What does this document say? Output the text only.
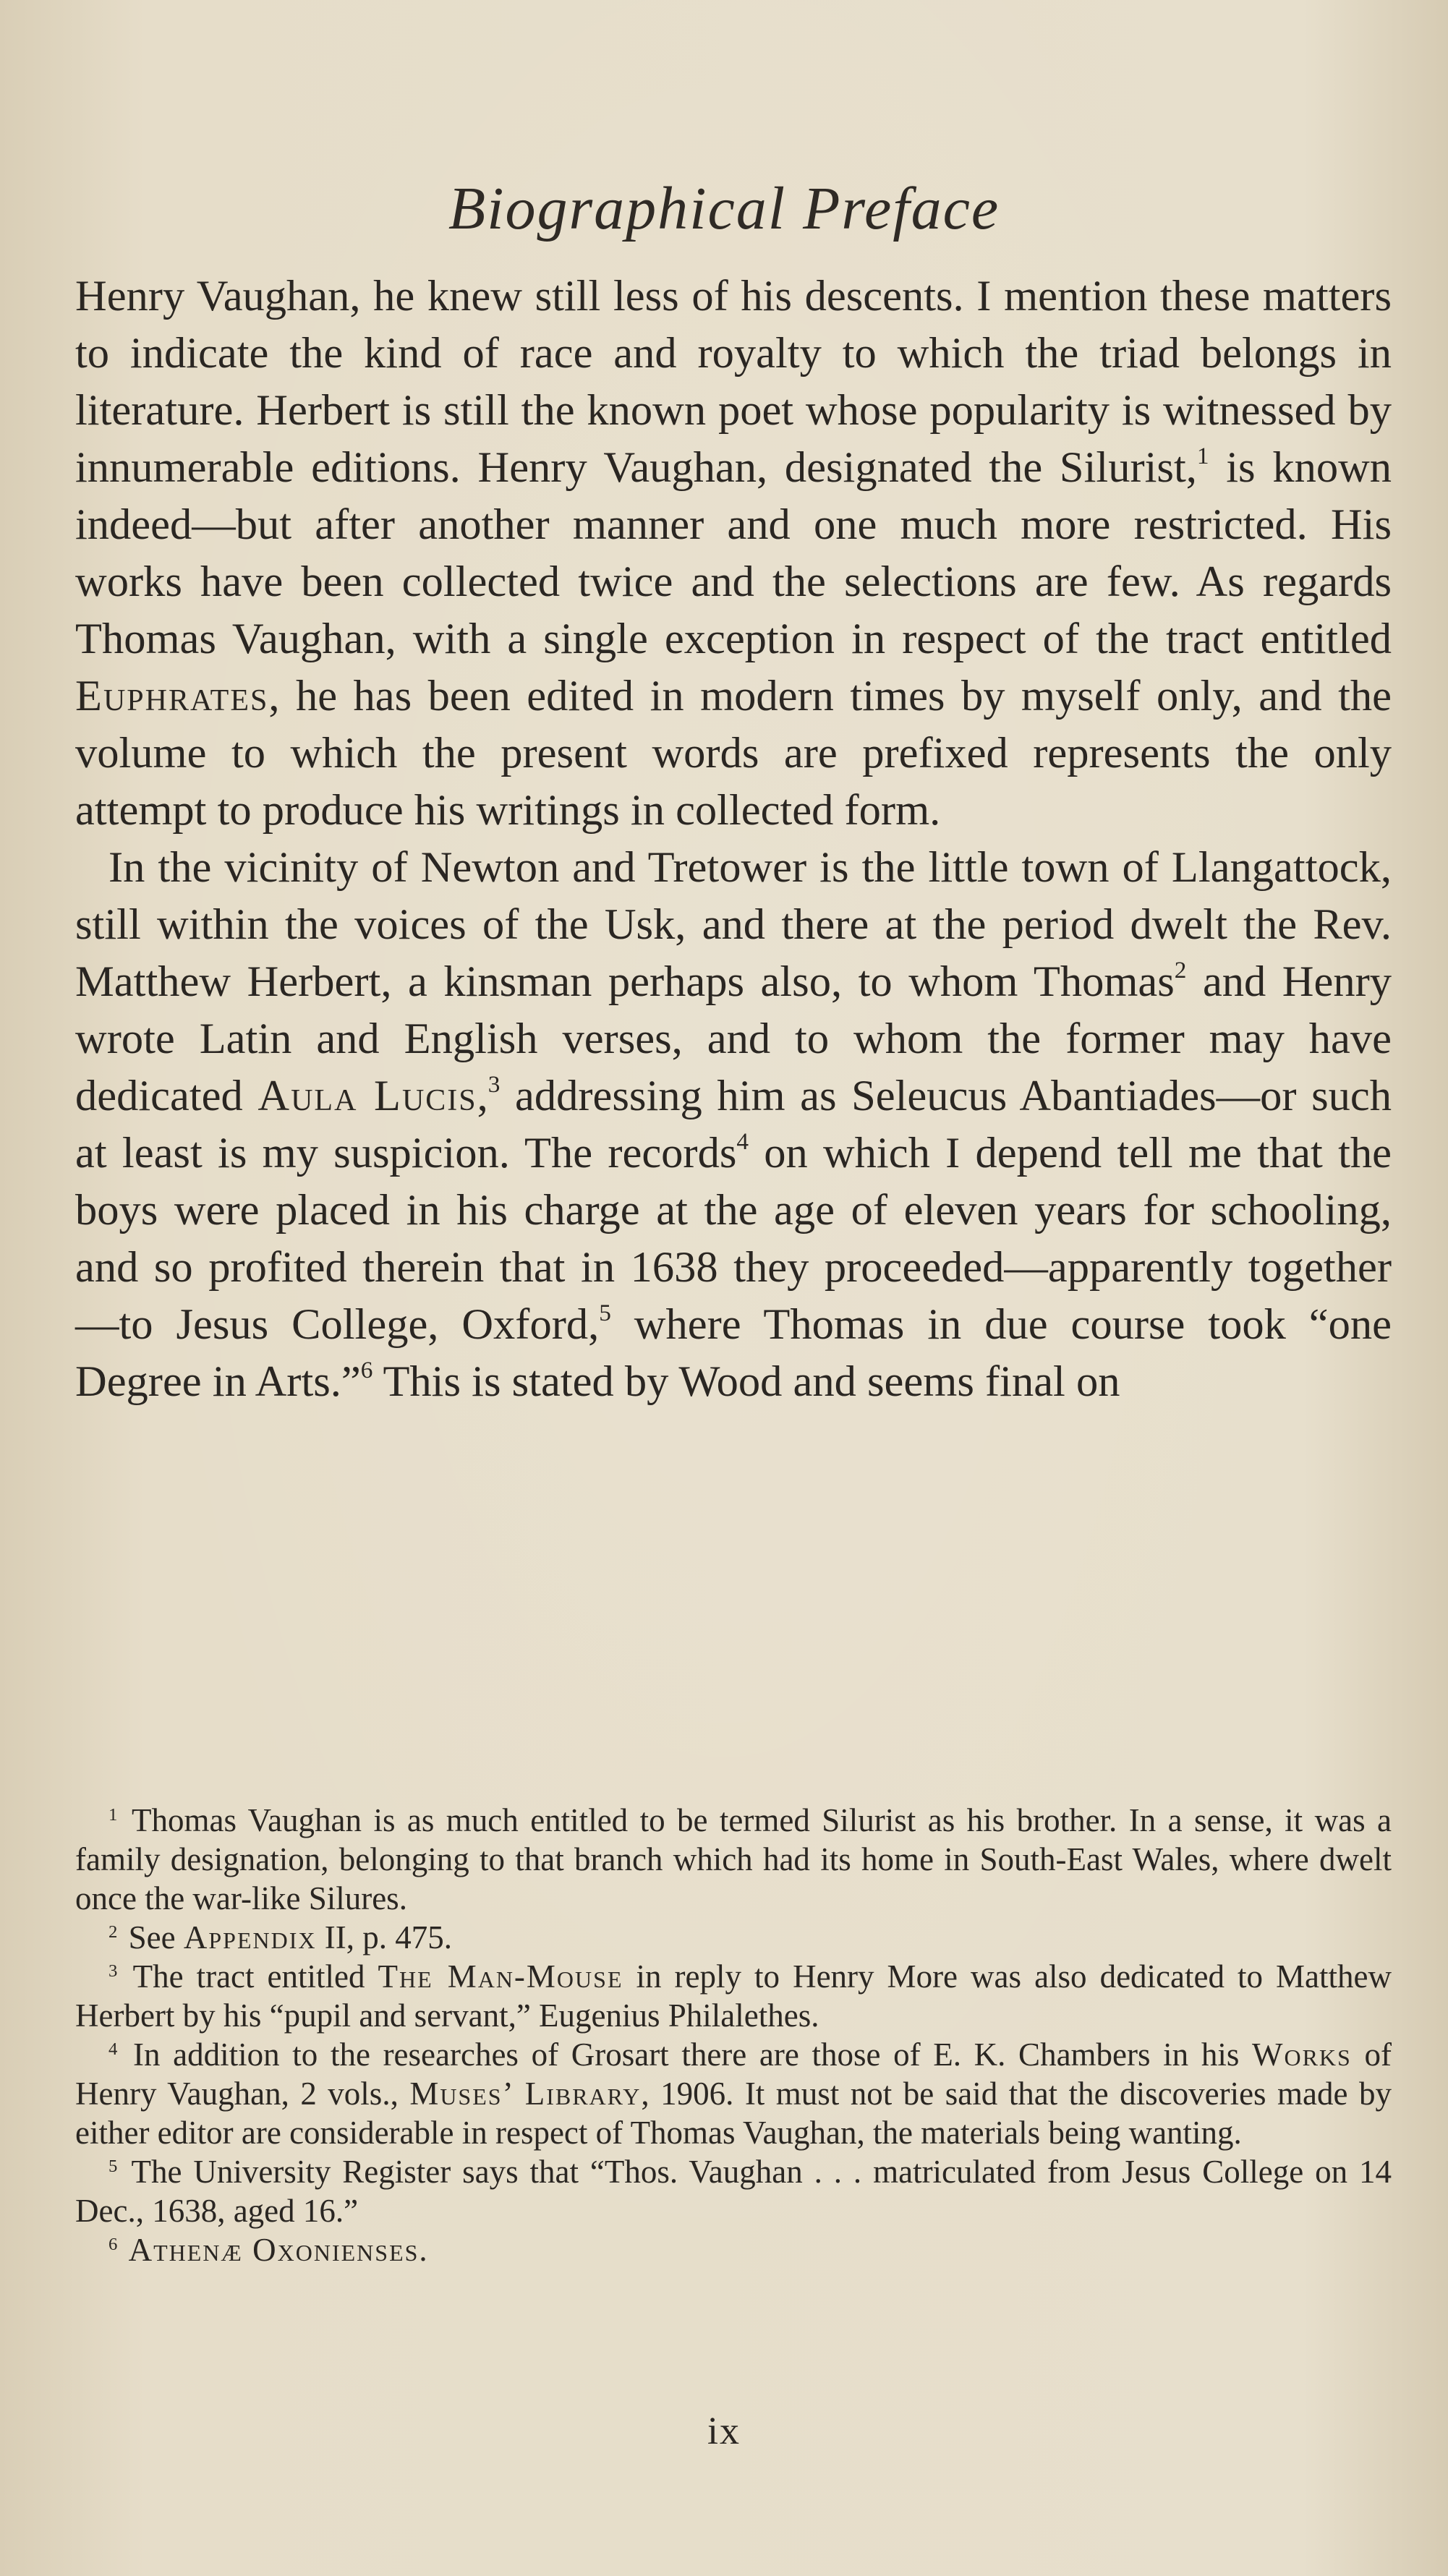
Biographical Preface

Henry Vaughan, he knew still less of his descents. I mention these matters to indicate the kind of race and royalty to which the triad belongs in literature. Herbert is still the known poet whose popularity is witnessed by innumerable editions. Henry Vaughan, designated the Silurist,$^1$ is known indeed—but after another manner and one much more restricted. His works have been collected twice and the selections are few. As regards Thomas Vaughan, with a single exception in respect of the tract entitled Euphrates, he has been edited in modern times by myself only, and the volume to which the present words are prefixed represents the only attempt to produce his writings in collected form.

In the vicinity of Newton and Tretower is the little town of Llangattock, still within the voices of the Usk, and there at the period dwelt the Rev. Matthew Herbert, a kinsman perhaps also, to whom Thomas$^2$ and Henry wrote Latin and English verses, and to whom the former may have dedicated Aula Lucis,$^3$ addressing him as Seleucus Abantiades—or such at least is my suspicion. The records$^4$ on which I depend tell me that the boys were placed in his charge at the age of eleven years for schooling, and so profited therein that in 1638 they proceeded—apparently together—to Jesus College, Oxford,$^5$ where Thomas in due course took “one Degree in Arts.”$^6$ This is stated by Wood and seems final on

$^1$ Thomas Vaughan is as much entitled to be termed Silurist as his brother. In a sense, it was a family designation, belonging to that branch which had its home in South-East Wales, where dwelt once the war-like Silures.

$^2$ See Appendix II, p. 475.

$^3$ The tract entitled The Man-Mouse in reply to Henry More was also dedicated to Matthew Herbert by his “pupil and servant,” Eugenius Philalethes.

$^4$ In addition to the researches of Grosart there are those of E. K. Chambers in his Works of Henry Vaughan, 2 vols., Muses’ Library, 1906. It must not be said that the discoveries made by either editor are considerable in respect of Thomas Vaughan, the materials being wanting.

$^5$ The University Register says that “Thos. Vaughan . . . matriculated from Jesus College on 14 Dec., 1638, aged 16.”

$^6$ Athenæ Oxonienses.

ix
